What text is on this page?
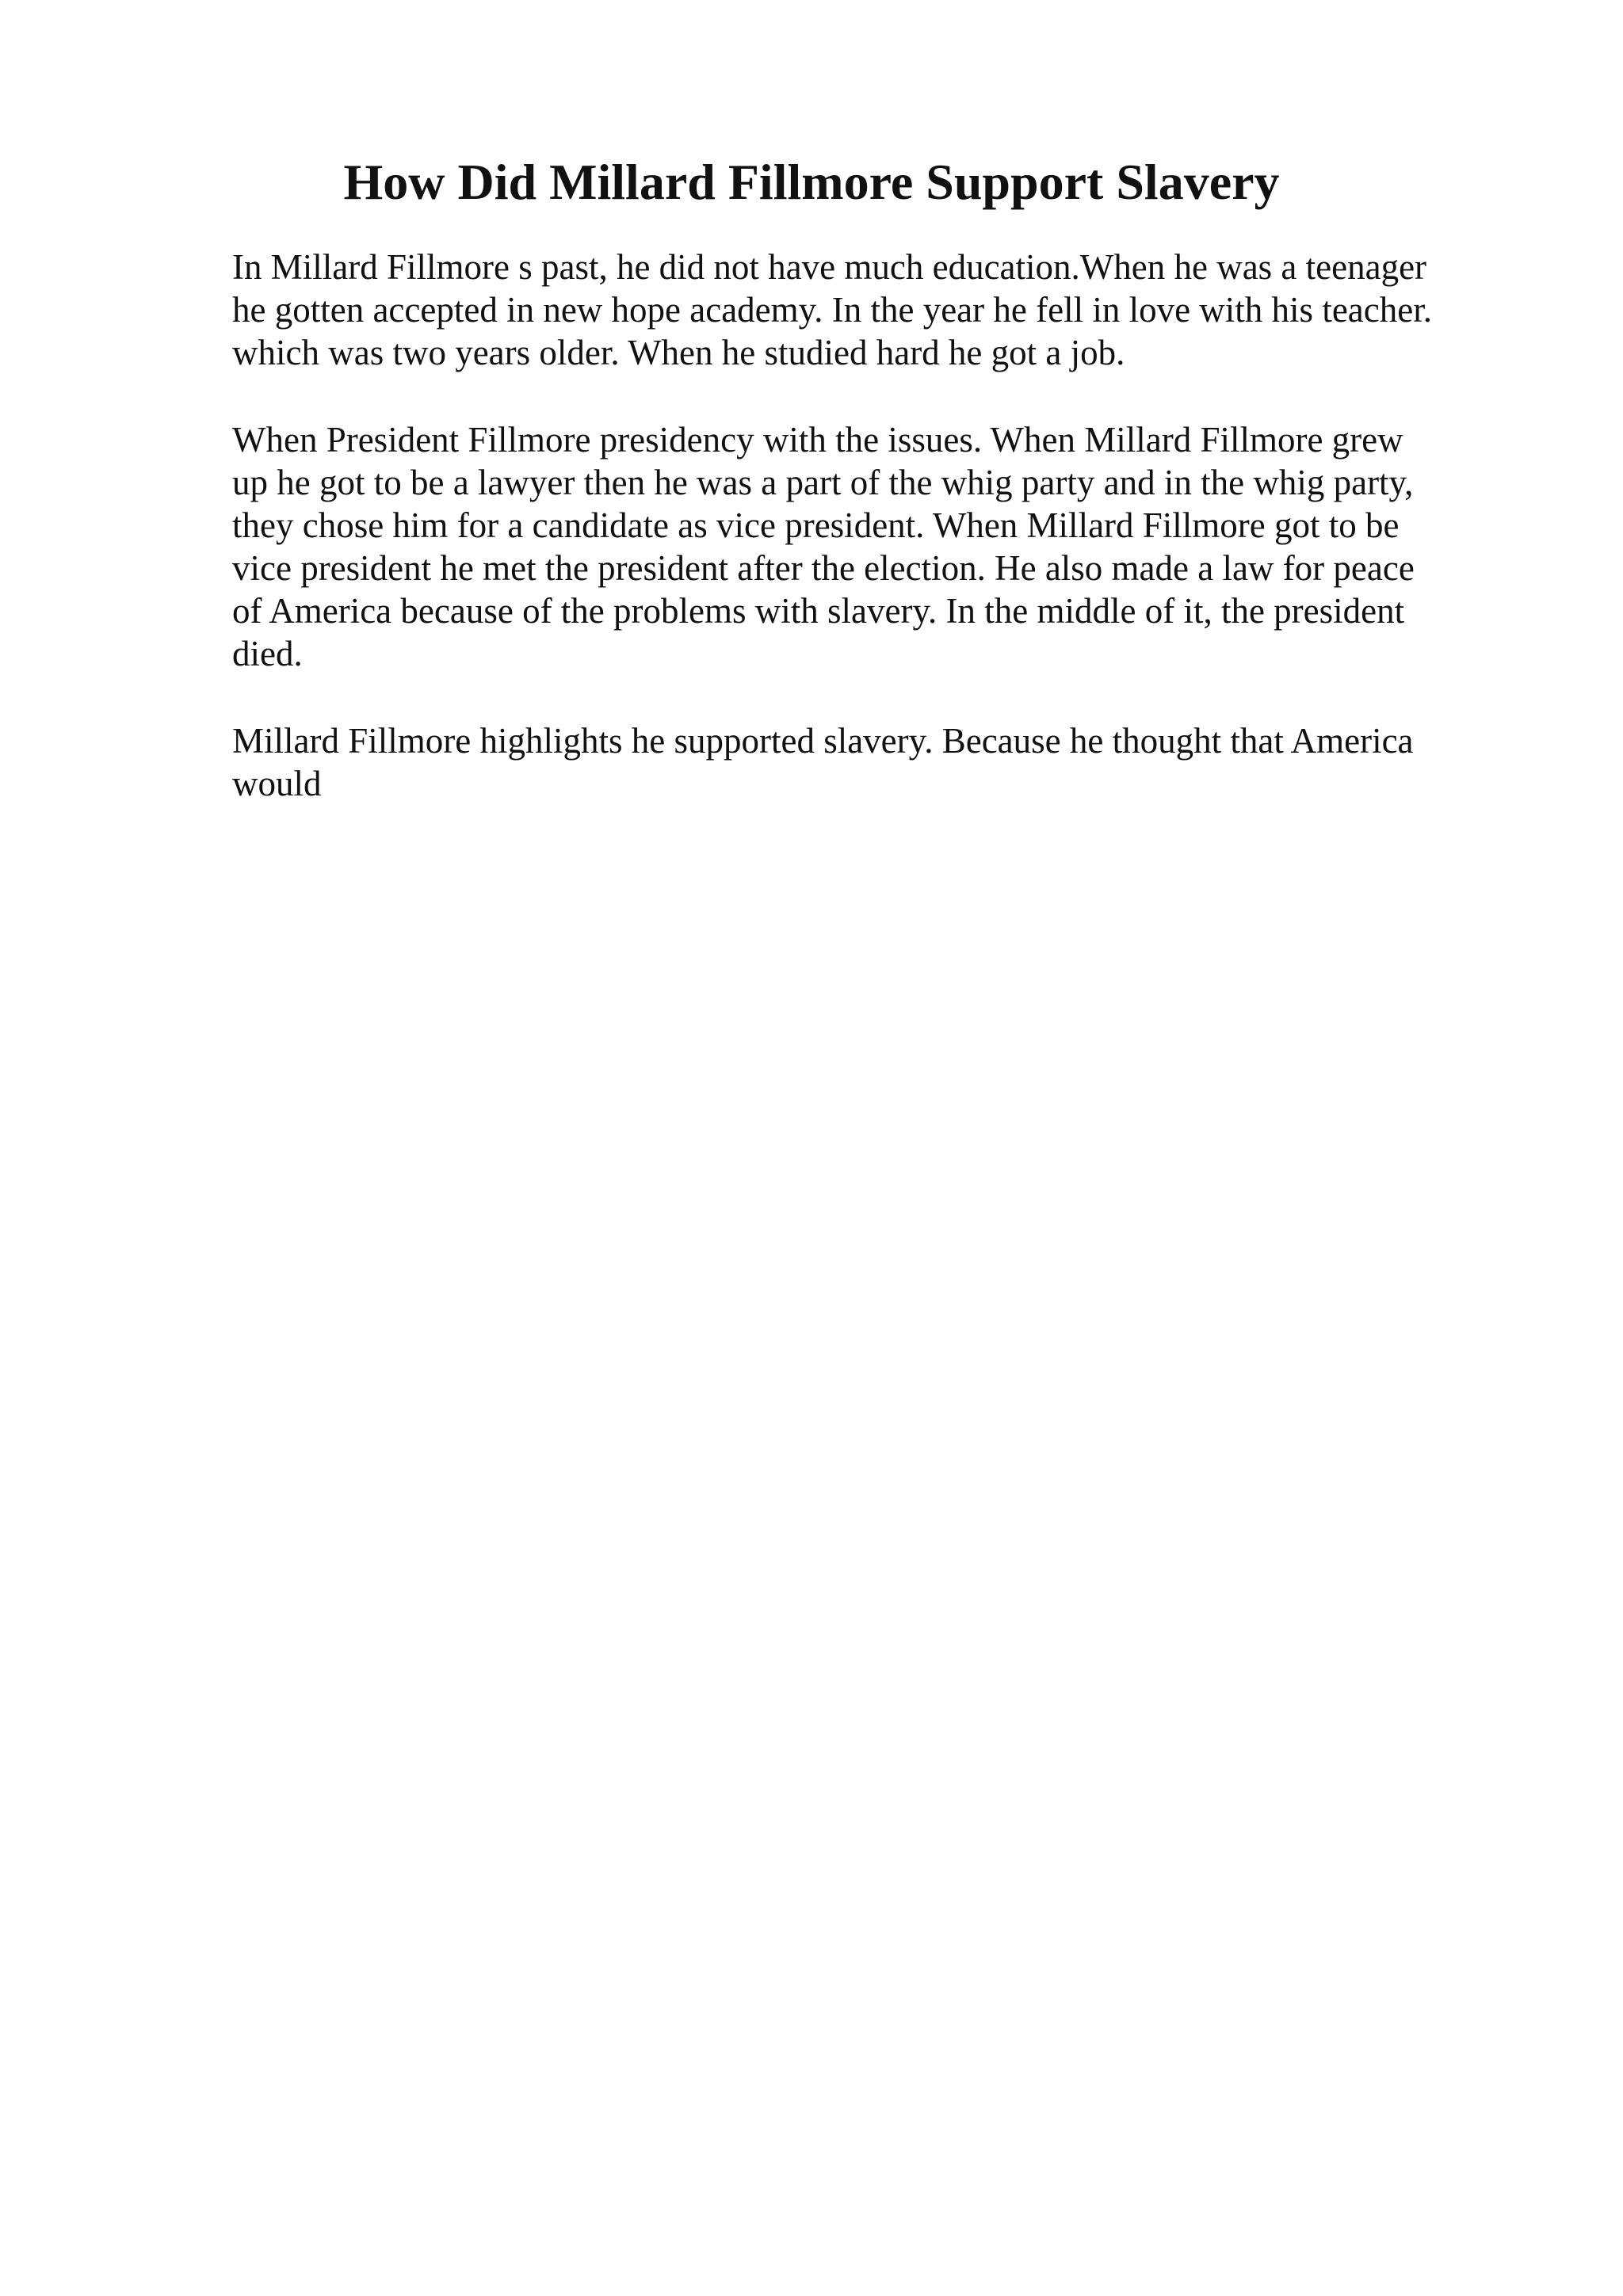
How Did Millard Fillmore Support Slavery

In Millard Fillmore s past, he did not have much education.When he was a teenager
he gotten accepted in new hope academy. In the year he fell in love with his teacher.
which was two years older. When he studied hard he got a job.

When President Fillmore presidency with the issues. When Millard Fillmore grew
up he got to be a lawyer then he was a part of the whig party and in the whig party,
they chose him for a candidate as vice president. When Millard Fillmore got to be
vice president he met the president after the election. He also made a law for peace
of America because of the problems with slavery. In the middle of it, the president
died.

Millard Fillmore highlights he supported slavery. Because he thought that America
would
